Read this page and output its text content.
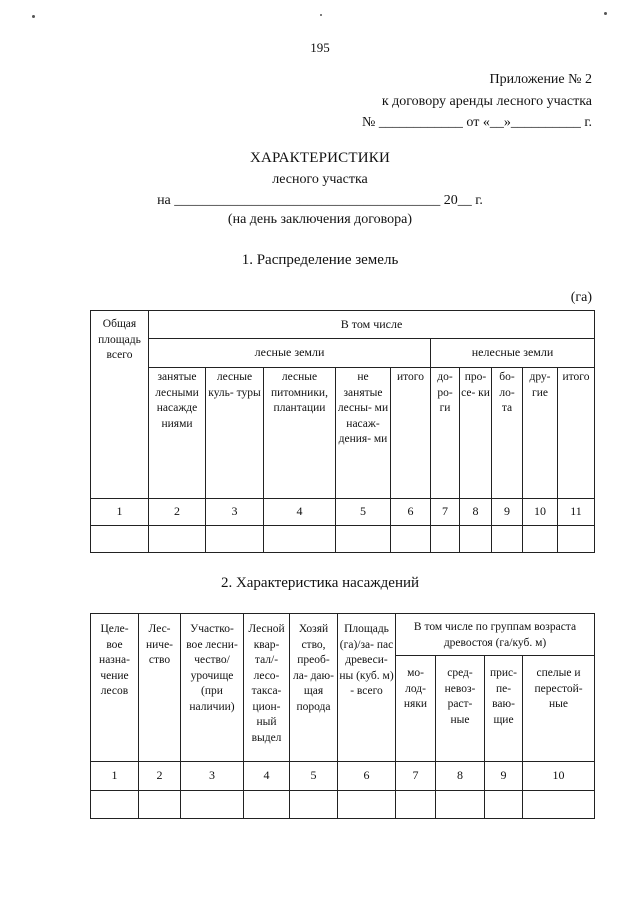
195
Приложение № 2
к договору аренды лесного участка
№ ____________ от «__»__________ г.
ХАРАКТЕРИСТИКИ
лесного участка
на ______________________________________ 20__ г.
(на день заключения договора)
1. Распределение земель
(га)
Общая площадь всего	В том числе									
	лесные земли					нелесные земли				
	занятые лесными насажде ниями	лесные куль- туры	лесные питомники, плантации	не занятые лесны- ми насаж- дения- ми	итого	до- ро- ги	про- се- ки	бо- ло- та	дру- гие	итого
1	2	3	4	5	6	7	8	9	10	11

2. Характеристика насаждений
Целе- вое назна- чение лесов	Лес- ниче- ство	Участко- вое лесни- чество/ урочище (при наличии)	Лесной квар- тал/- лесо- такса- цион- ный выдел	Хозяй ство, преоб- ла- даю- щая порода	Площадь (га)/за- пас древеси- ны (куб. м) - всего	В том числе по группам возраста древостоя (га/куб. м)			
						мо- лод- няки	сред- невоз- раст- ные	прис- пе- ваю- щие	спелые и перестой- ные
1	2	3	4	5	6	7	8	9	10
